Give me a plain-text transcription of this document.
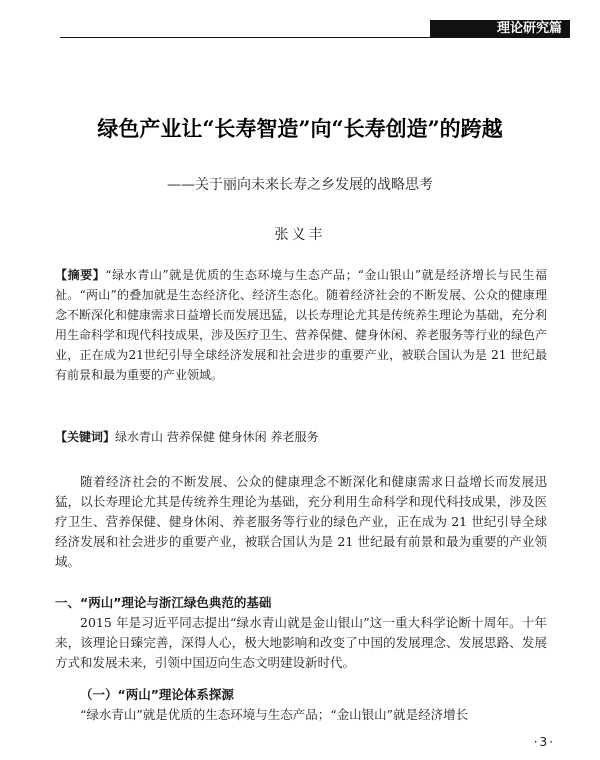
理论研究篇
绿色产业让“长寿智造”向“长寿创造”的跨越
——关于丽向未来长寿之乡发展的战略思考
张义丰
【摘要】“绿水青山”就是优质的生态环境与生态产品；“金山银山”就是经济增长与民生福祉。“两山”的叠加就是生态经济化、经济生态化。随着经济社会的不断发展、公众的健康理念不断深化和健康需求日益增长而发展迅猛，以长寿理论尤其是传统养生理论为基础，充分利用生命科学和现代科技成果，涉及医疗卫生、营养保健、健身休闲、养老服务等行业的绿色产业，正在成为21世纪引导全球经济发展和社会进步的重要产业，被联合国认为是 21 世纪最有前景和最为重要的产业领域。
【关键词】绿水青山 营养保健 健身休闲 养老服务

随着经济社会的不断发展、公众的健康理念不断深化和健康需求日益增长而发展迅猛，以长寿理论尤其是传统养生理论为基础，充分利用生命科学和现代科技成果，涉及医疗卫生、营养保健、健身休闲、养老服务等行业的绿色产业，正在成为 21 世纪引导全球经济发展和社会进步的重要产业，被联合国认为是 21 世纪最有前景和最为重要的产业领域。

一、“两山”理论与浙江绿色典范的基础

2015 年是习近平同志提出“绿水青山就是金山银山”这一重大科学论断十周年。十年来，该理论日臻完善，深得人心，极大地影响和改变了中国的发展理念、发展思路、发展方式和发展未来，引领中国迈向生态文明建设新时代。

（一）“两山”理论体系探源

“绿水青山”就是优质的生态环境与生态产品；“金山银山”就是经济增长

·3·
